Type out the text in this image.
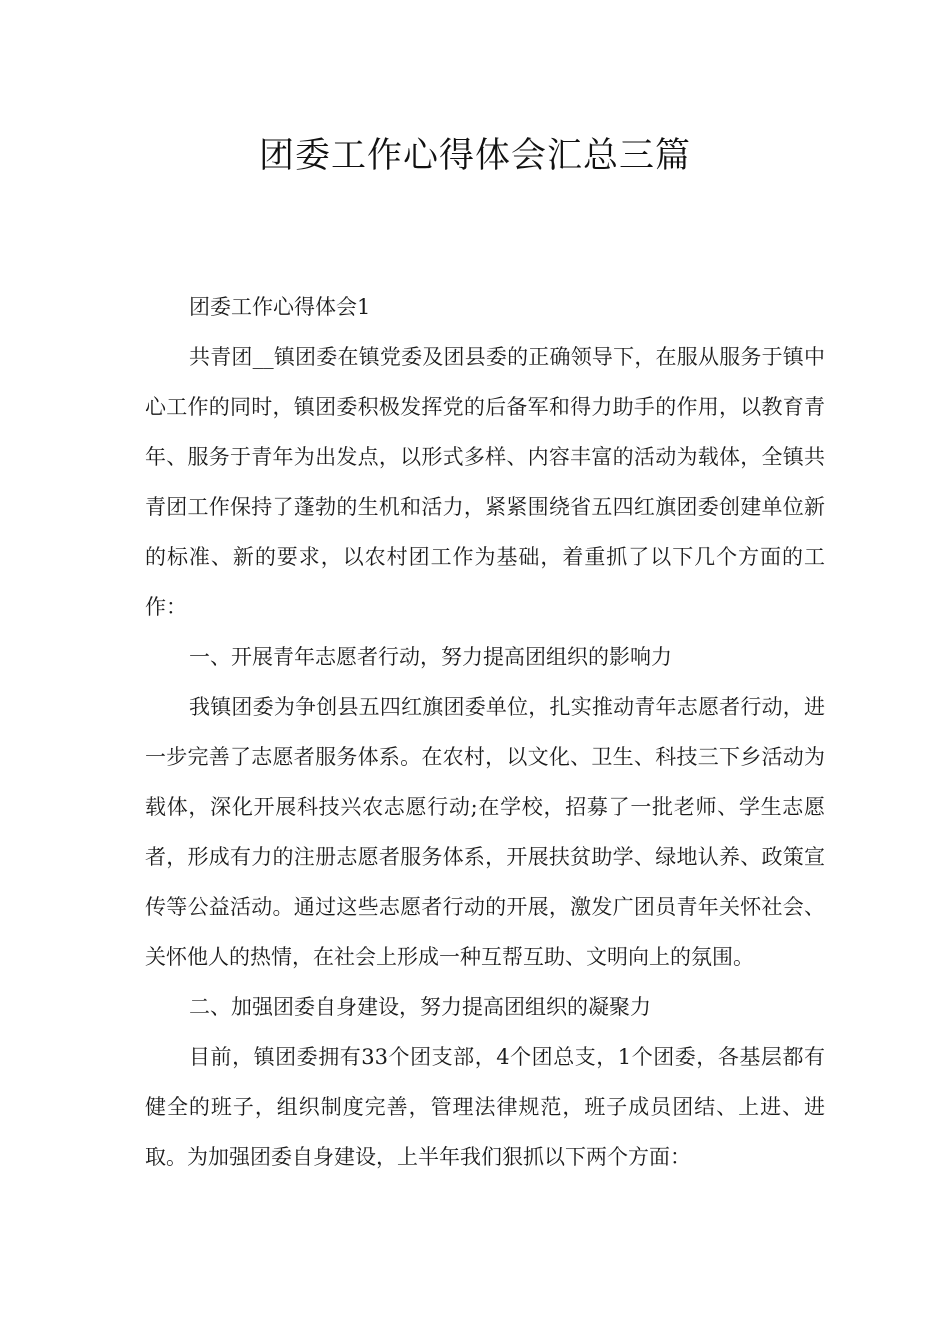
团委工作心得体会汇总三篇

团委工作心得体会1

共青团__镇团委在镇党委及团县委的正确领导下，在服从服务于镇中心工作的同时，镇团委积极发挥党的后备军和得力助手的作用，以教育青年、服务于青年为出发点，以形式多样、内容丰富的活动为载体，全镇共青团工作保持了蓬勃的生机和活力，紧紧围绕省五四红旗团委创建单位新的标准、新的要求，以农村团工作为基础，着重抓了以下几个方面的工作：

一、开展青年志愿者行动，努力提高团组织的影响力

我镇团委为争创县五四红旗团委单位，扎实推动青年志愿者行动，进一步完善了志愿者服务体系。在农村，以文化、卫生、科技三下乡活动为载体，深化开展科技兴农志愿行动;在学校，招募了一批老师、学生志愿者，形成有力的注册志愿者服务体系，开展扶贫助学、绿地认养、政策宣传等公益活动。通过这些志愿者行动的开展，激发广团员青年关怀社会、关怀他人的热情，在社会上形成一种互帮互助、文明向上的氛围。

二、加强团委自身建设，努力提高团组织的凝聚力

目前，镇团委拥有33个团支部，4个团总支，1个团委，各基层都有健全的班子，组织制度完善，管理法律规范，班子成员团结、上进、进取。为加强团委自身建设，上半年我们狠抓以下两个方面：
